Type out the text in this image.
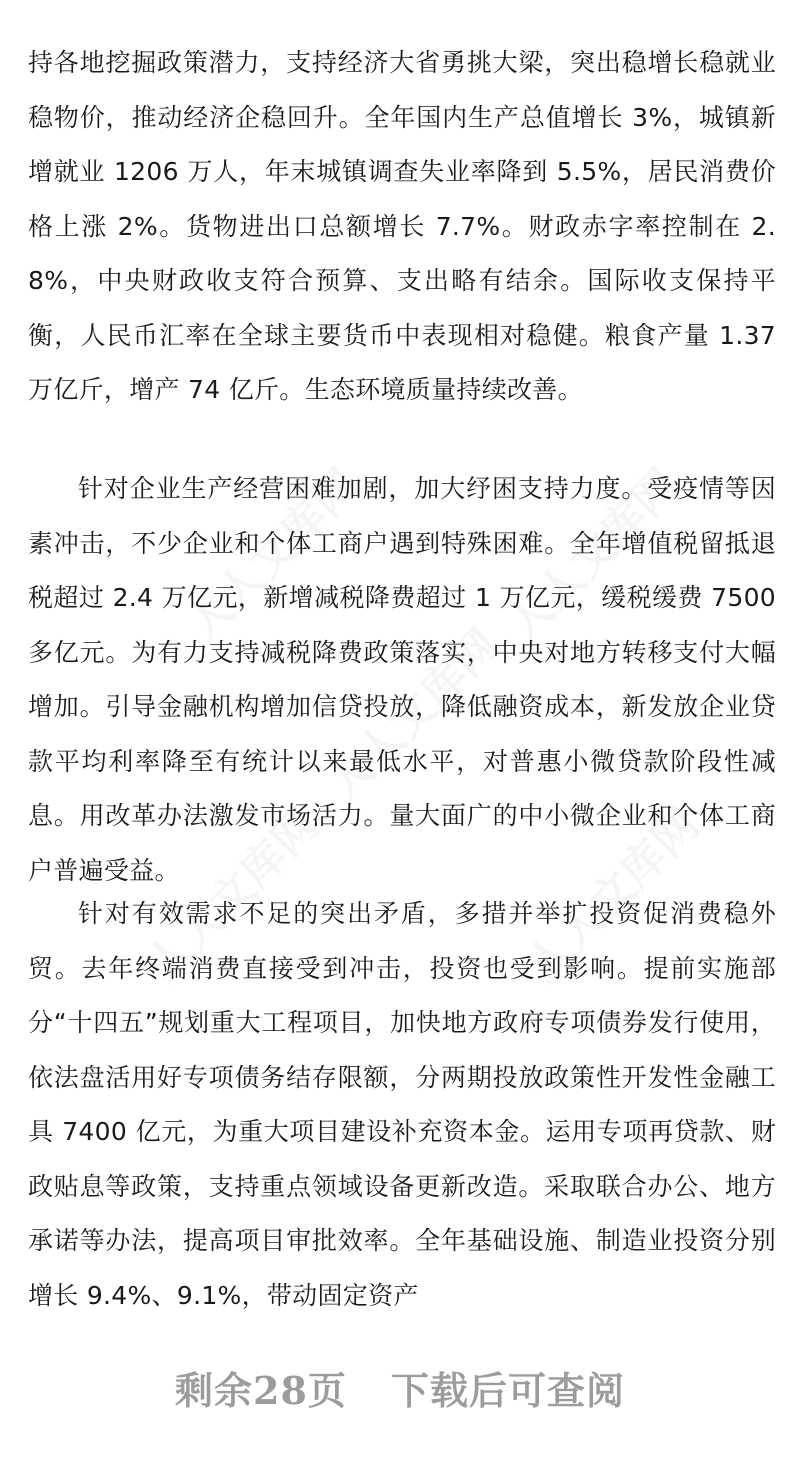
人人文库网	人人文库网
人人文库网
人人文库网	人人文库网

持各地挖掘政策潜力，支持经济大省勇挑大梁，突出稳增长稳就业稳物价，推动经济企稳回升。全年国内生产总值增长 3%，城镇新增就业 1206 万人，年末城镇调查失业率降到 5.5%，居民消费价格上涨 2%。货物进出口总额增长 7.7%。财政赤字率控制在 2.8%，中央财政收支符合预算、支出略有结余。国际收支保持平衡，人民币汇率在全球主要货币中表现相对稳健。粮食产量 1.37 万亿斤，增产 74 亿斤。生态环境质量持续改善。

针对企业生产经营困难加剧，加大纾困支持力度。受疫情等因素冲击，不少企业和个体工商户遇到特殊困难。全年增值税留抵退税超过 2.4 万亿元，新增减税降费超过 1 万亿元，缓税缓费 7500 多亿元。为有力支持减税降费政策落实，中央对地方转移支付大幅增加。引导金融机构增加信贷投放，降低融资成本，新发放企业贷款平均利率降至有统计以来最低水平，对普惠小微贷款阶段性减息。用改革办法激发市场活力。量大面广的中小微企业和个体工商户普遍受益。

针对有效需求不足的突出矛盾，多措并举扩投资促消费稳外贸。去年终端消费直接受到冲击，投资也受到影响。提前实施部分“十四五”规划重大工程项目，加快地方政府专项债券发行使用，依法盘活用好专项债务结存限额，分两期投放政策性开发性金融工具 7400 亿元，为重大项目建设补充资本金。运用专项再贷款、财政贴息等政策，支持重点领域设备更新改造。采取联合办公、地方承诺等办法，提高项目审批效率。全年基础设施、制造业投资分别增长 9.4%、9.1%，带动固定资产

剩余28页 下载后可查阅
